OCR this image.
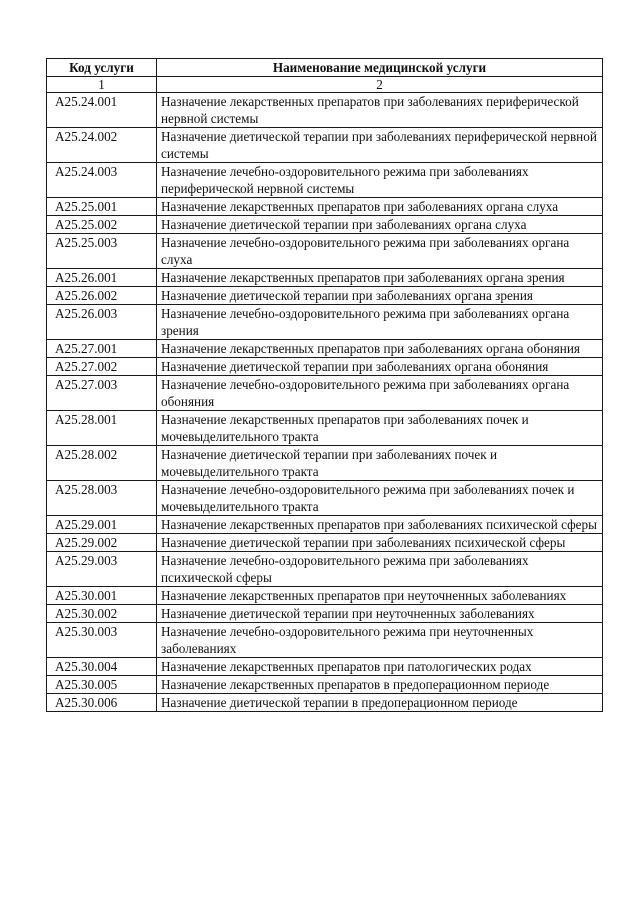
Код услуги	Наименование медицинской услуги
1	2
A25.24.001	Назначение лекарственных препаратов при заболеваниях периферической нервной системы
A25.24.002	Назначение диетической терапии при заболеваниях периферической нервной системы
A25.24.003	Назначение лечебно-оздоровительного режима при заболеваниях периферической нервной системы
A25.25.001	Назначение лекарственных препаратов при заболеваниях органа слуха
A25.25.002	Назначение диетической терапии при заболеваниях органа слуха
A25.25.003	Назначение лечебно-оздоровительного режима при заболеваниях органа слуха
A25.26.001	Назначение лекарственных препаратов при заболеваниях органа зрения
A25.26.002	Назначение диетической терапии при заболеваниях органа зрения
A25.26.003	Назначение лечебно-оздоровительного режима при заболеваниях органа зрения
A25.27.001	Назначение лекарственных препаратов при заболеваниях органа обоняния
A25.27.002	Назначение диетической терапии при заболеваниях органа обоняния
A25.27.003	Назначение лечебно-оздоровительного режима при заболеваниях органа обоняния
A25.28.001	Назначение лекарственных препаратов при заболеваниях почек и мочевыделительного тракта
A25.28.002	Назначение диетической терапии при заболеваниях почек и мочевыделительного тракта
A25.28.003	Назначение лечебно-оздоровительного режима при заболеваниях почек и мочевыделительного тракта
A25.29.001	Назначение лекарственных препаратов при заболеваниях психической сферы
A25.29.002	Назначение диетической терапии при заболеваниях психической сферы
A25.29.003	Назначение лечебно-оздоровительного режима при заболеваниях психической сферы
A25.30.001	Назначение лекарственных препаратов при неуточненных заболеваниях
A25.30.002	Назначение диетической терапии при неуточненных заболеваниях
A25.30.003	Назначение лечебно-оздоровительного режима при неуточненных заболеваниях
A25.30.004	Назначение лекарственных препаратов при патологических родах
A25.30.005	Назначение лекарственных препаратов в предоперационном периоде
A25.30.006	Назначение диетической терапии в предоперационном периоде
